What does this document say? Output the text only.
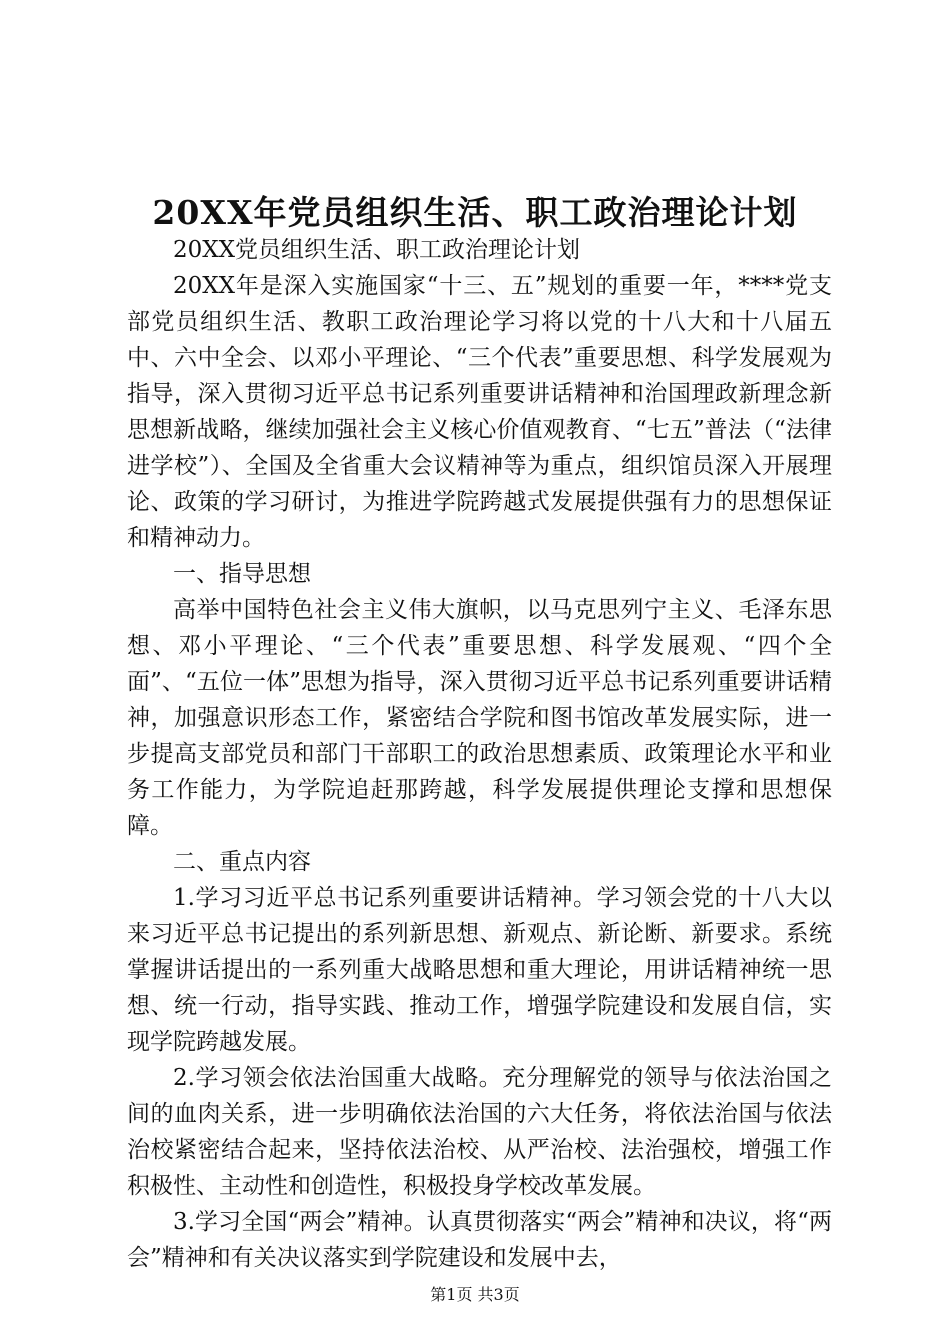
20XX年党员组织生活、职工政治理论计划

20XX党员组织生活、职工政治理论计划

20XX年是深入实施国家“十三、五”规划的重要一年，****党支部党员组织生活、教职工政治理论学习将以党的十八大和十八届五中、六中全会、以邓小平理论、“三个代表”重要思想、科学发展观为指导，深入贯彻习近平总书记系列重要讲话精神和治国理政新理念新思想新战略，继续加强社会主义核心价值观教育、“七五”普法（“法律进学校”）、全国及全省重大会议精神等为重点，组织馆员深入开展理论、政策的学习研讨，为推进学院跨越式发展提供强有力的思想保证和精神动力。

一、指导思想

高举中国特色社会主义伟大旗帜，以马克思列宁主义、毛泽东思想、邓小平理论、“三个代表”重要思想、科学发展观、“四个全面”、“五位一体”思想为指导，深入贯彻习近平总书记系列重要讲话精神，加强意识形态工作，紧密结合学院和图书馆改革发展实际，进一步提高支部党员和部门干部职工的政治思想素质、政策理论水平和业务工作能力，为学院追赶那跨越，科学发展提供理论支撑和思想保障。

二、重点内容

1.学习习近平总书记系列重要讲话精神。学习领会党的十八大以来习近平总书记提出的系列新思想、新观点、新论断、新要求。系统掌握讲话提出的一系列重大战略思想和重大理论，用讲话精神统一思想、统一行动，指导实践、推动工作，增强学院建设和发展自信，实现学院跨越发展。

2.学习领会依法治国重大战略。充分理解党的领导与依法治国之间的血肉关系，进一步明确依法治国的六大任务，将依法治国与依法治校紧密结合起来，坚持依法治校、从严治校、法治强校，增强工作积极性、主动性和创造性，积极投身学校改革发展。

3.学习全国“两会”精神。认真贯彻落实“两会”精神和决议，将“两会”精神和有关决议落实到学院建设和发展中去，

第1页 共3页
